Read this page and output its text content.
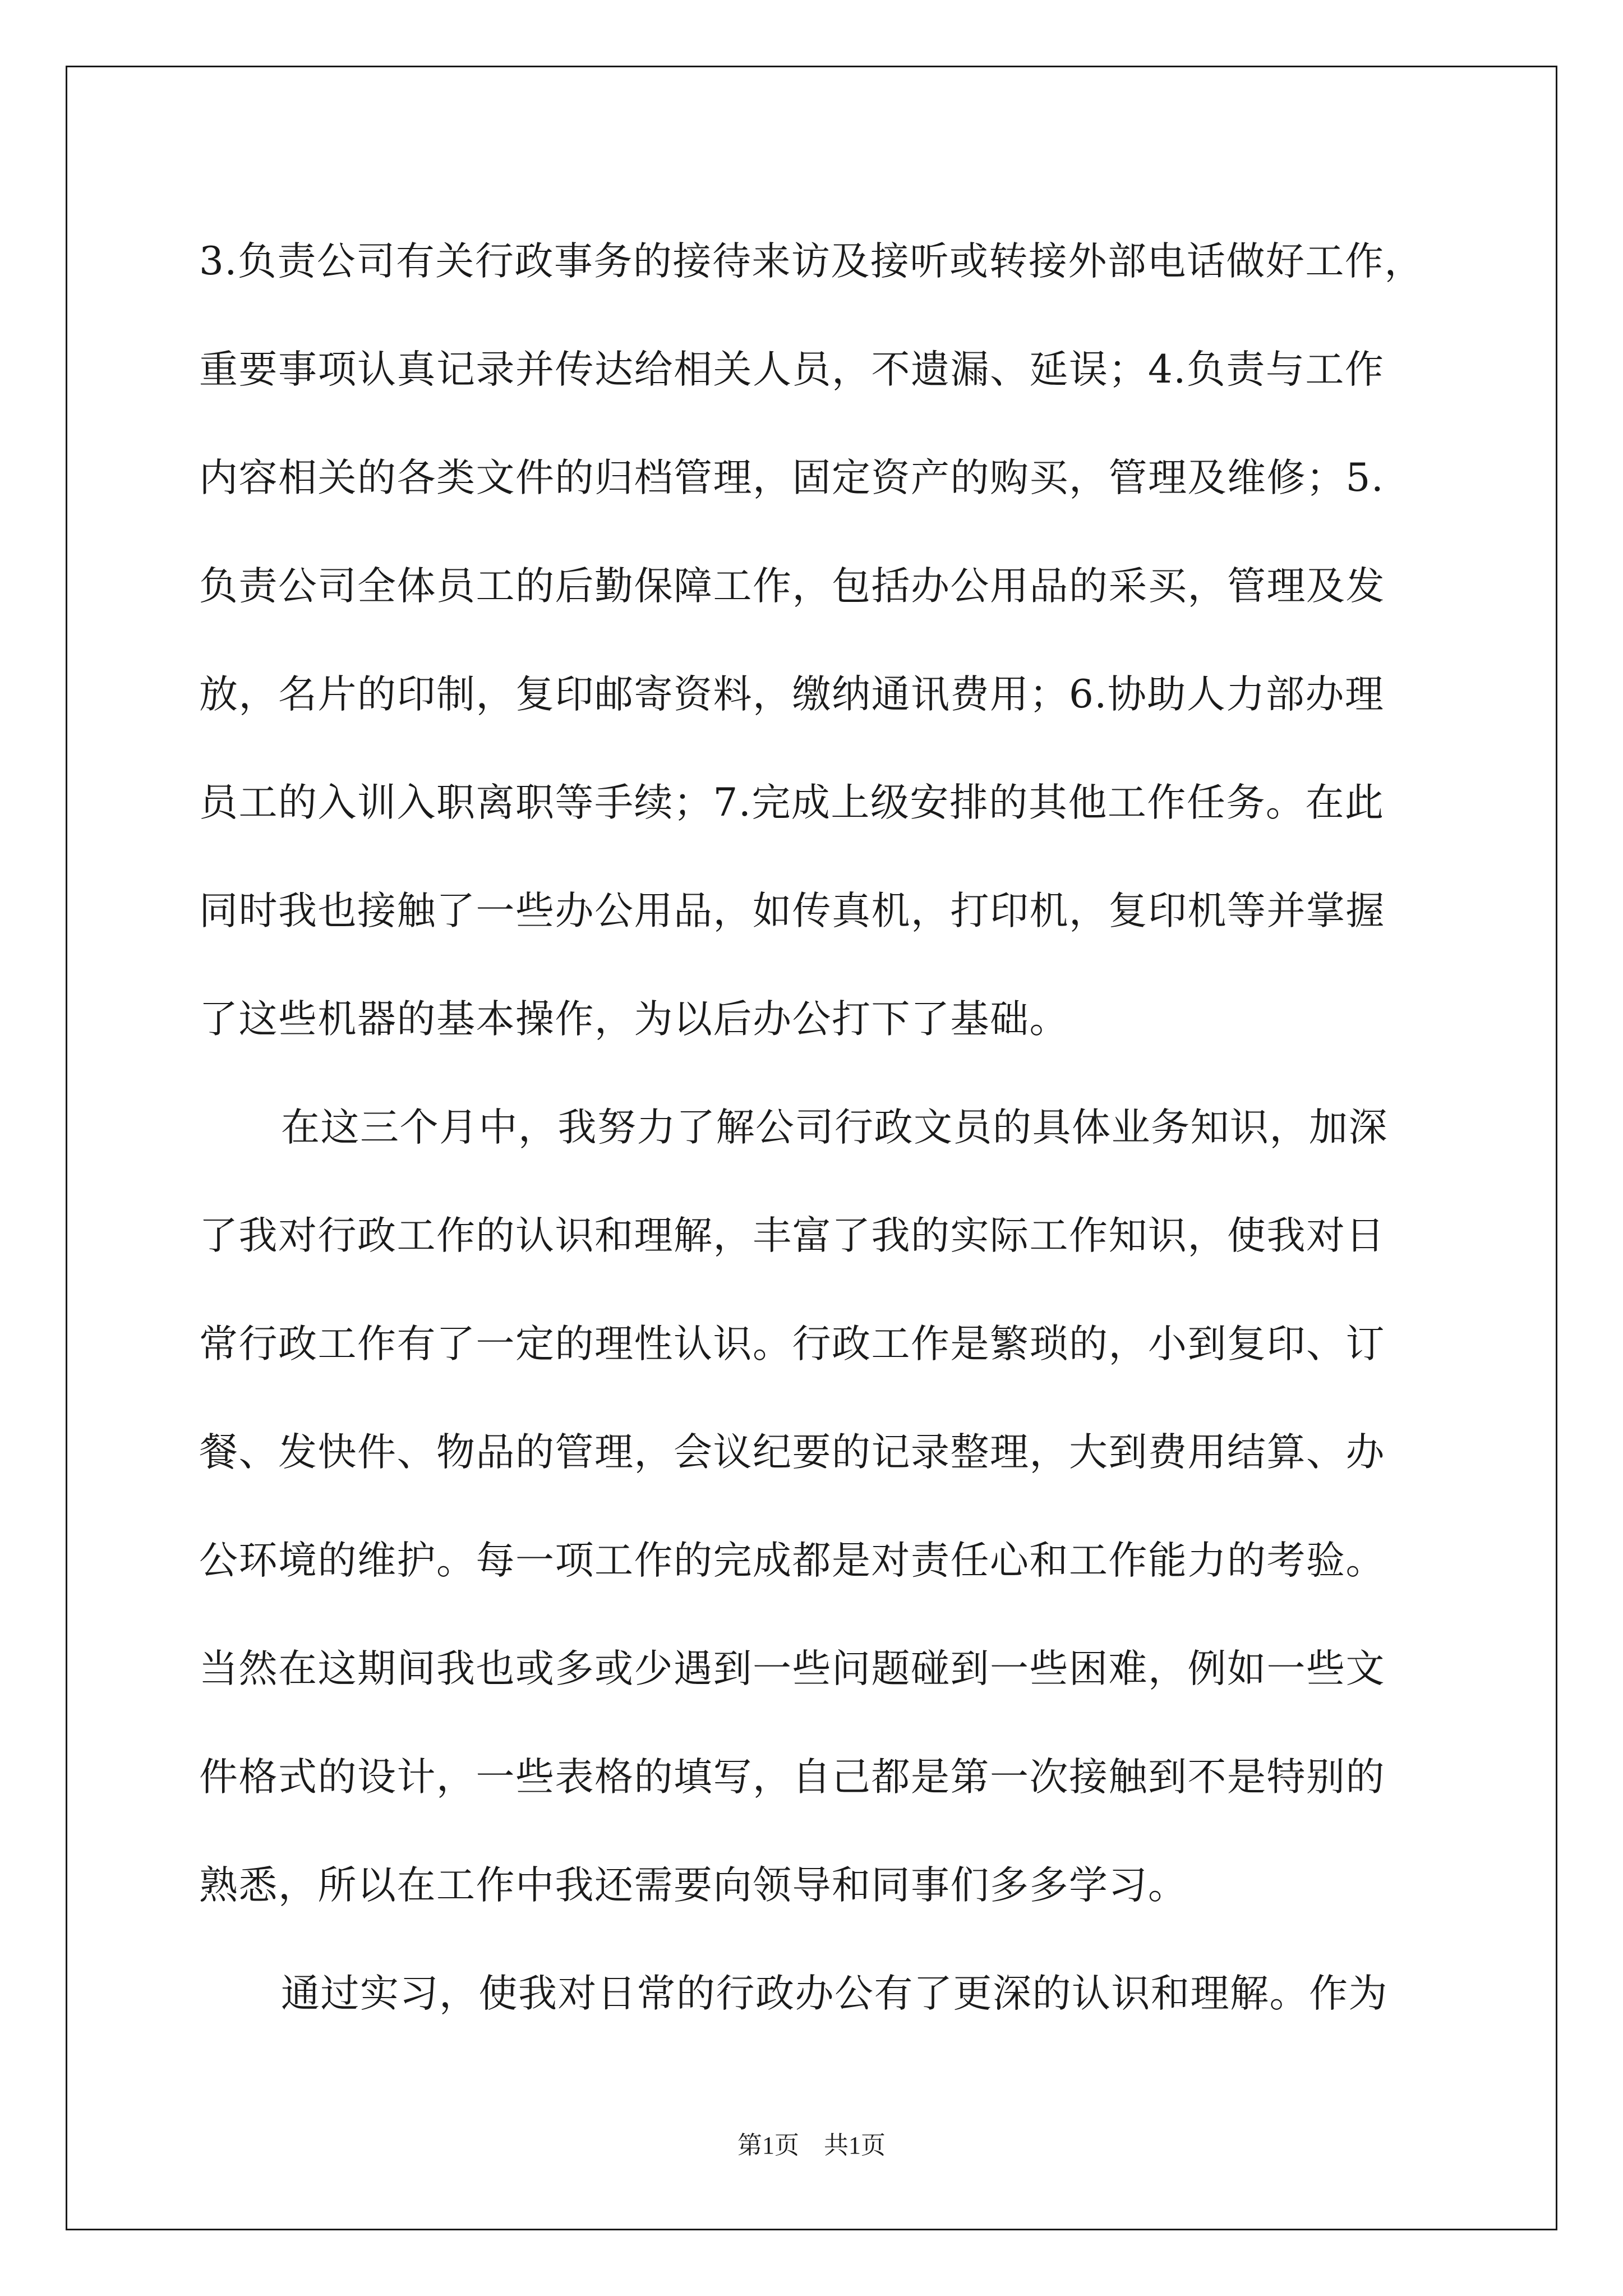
3.负责公司有关行政事务的接待来访及接听或转接外部电话做好工作，
重要事项认真记录并传达给相关人员，不遗漏、延误；4.负责与工作
内容相关的各类文件的归档管理，固定资产的购买，管理及维修；5.
负责公司全体员工的后勤保障工作，包括办公用品的采买，管理及发
放，名片的印制，复印邮寄资料，缴纳通讯费用；6.协助人力部办理
员工的入训入职离职等手续；7.完成上级安排的其他工作任务。在此
同时我也接触了一些办公用品，如传真机，打印机，复印机等并掌握
了这些机器的基本操作，为以后办公打下了基础。
在这三个月中，我努力了解公司行政文员的具体业务知识，加深
了我对行政工作的认识和理解，丰富了我的实际工作知识，使我对日
常行政工作有了一定的理性认识。行政工作是繁琐的，小到复印、订
餐、发快件、物品的管理，会议纪要的记录整理，大到费用结算、办
公环境的维护。每一项工作的完成都是对责任心和工作能力的考验。
当然在这期间我也或多或少遇到一些问题碰到一些困难，例如一些文
件格式的设计，一些表格的填写，自己都是第一次接触到不是特别的
熟悉，所以在工作中我还需要向领导和同事们多多学习。
通过实习，使我对日常的行政办公有了更深的认识和理解。作为
第1页　共1页
